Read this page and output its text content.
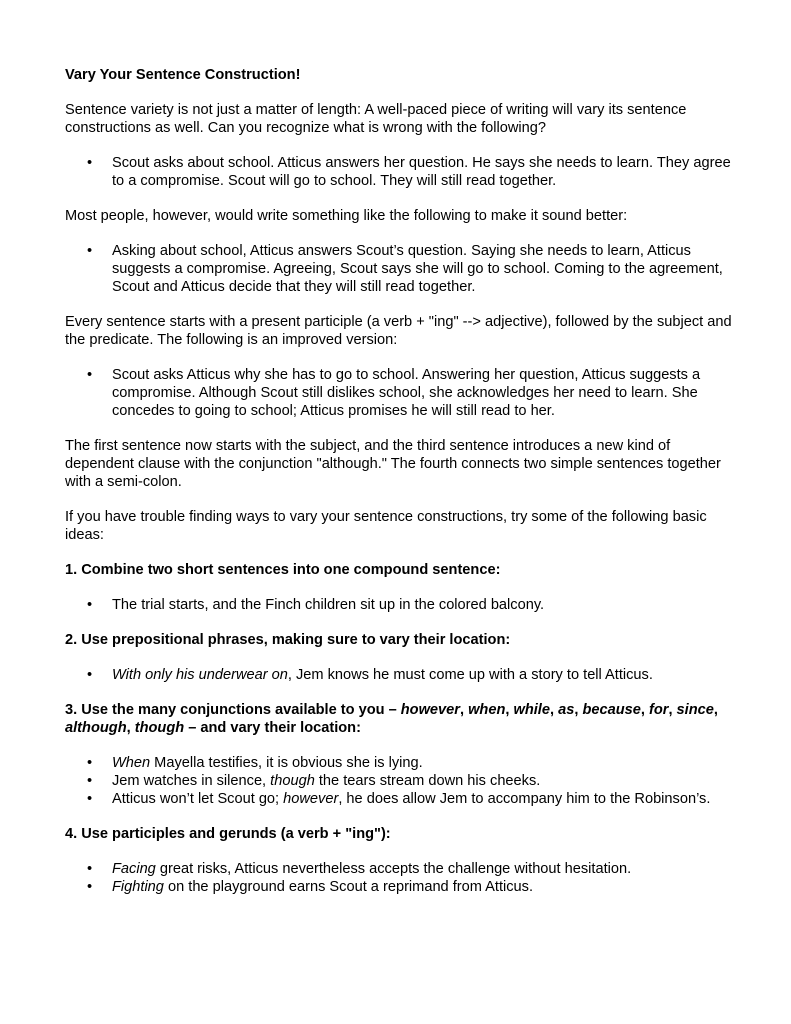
Vary Your Sentence Construction!

Sentence variety is not just a matter of length: A well-paced piece of writing will vary its sentence constructions as well. Can you recognize what is wrong with the following?

• Scout asks about school. Atticus answers her question. He says she needs to learn. They agree to a compromise. Scout will go to school. They will still read together.

Most people, however, would write something like the following to make it sound better:

• Asking about school, Atticus answers Scout’s question. Saying she needs to learn, Atticus suggests a compromise. Agreeing, Scout says she will go to school. Coming to the agreement, Scout and Atticus decide that they will still read together.

Every sentence starts with a present participle (a verb + "ing" --> adjective), followed by the subject and the predicate. The following is an improved version:

• Scout asks Atticus why she has to go to school. Answering her question, Atticus suggests a compromise. Although Scout still dislikes school, she acknowledges her need to learn. She concedes to going to school; Atticus promises he will still read to her.

The first sentence now starts with the subject, and the third sentence introduces a new kind of dependent clause with the conjunction "although." The fourth connects two simple sentences together with a semi-colon.

If you have trouble finding ways to vary your sentence constructions, try some of the following basic ideas:

1. Combine two short sentences into one compound sentence:
• The trial starts, and the Finch children sit up in the colored balcony.
2. Use prepositional phrases, making sure to vary their location:
• With only his underwear on, Jem knows he must come up with a story to tell Atticus.
3. Use the many conjunctions available to you – however, when, while, as, because, for, since, although, though – and vary their location:
• When Mayella testifies, it is obvious she is lying.
• Jem watches in silence, though the tears stream down his cheeks.
• Atticus won’t let Scout go; however, he does allow Jem to accompany him to the Robinson’s.
4. Use participles and gerunds (a verb + "ing"):
• Facing great risks, Atticus nevertheless accepts the challenge without hesitation.
• Fighting on the playground earns Scout a reprimand from Atticus.
